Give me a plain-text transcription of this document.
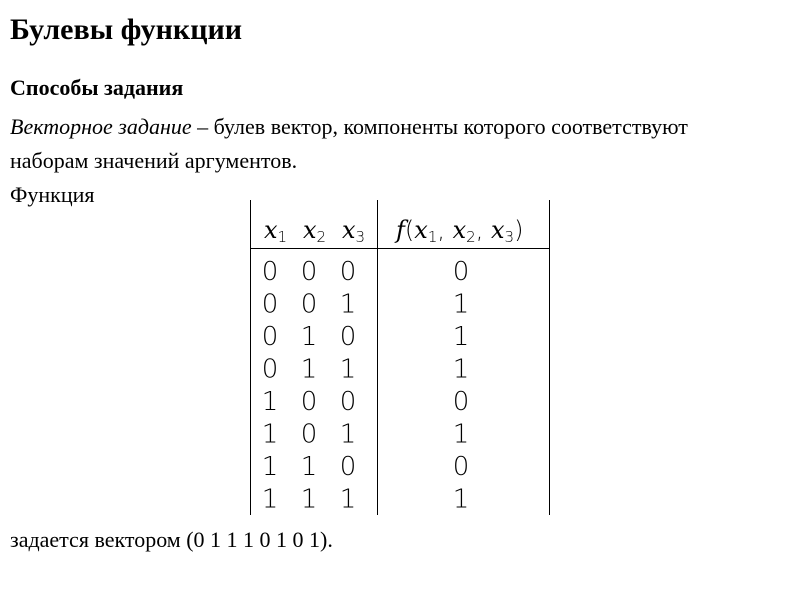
Булевы функции
Способы задания

Векторное задание – булев вектор, компоненты которого соответствуют наборам значений аргументов.

Функция

x1 x2 x3 f(x1, x2, x3)
0 0 0	0
0 0 1	1
0 1 0	1
0 1 1	1
1 0 0	0
1 0 1	1
1 1 0	0
1 1 1	1

задается вектором (0 1 1 1 0 1 0 1).
